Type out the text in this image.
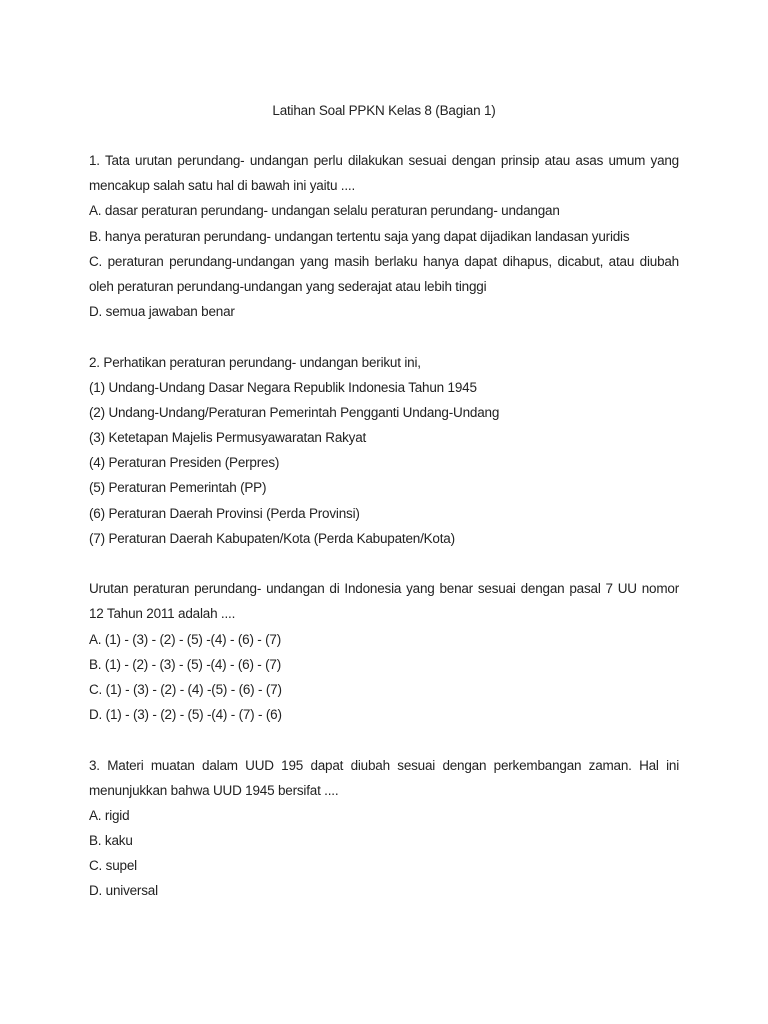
Latihan Soal PPKN Kelas 8 (Bagian 1)
1. Tata urutan perundang- undangan perlu dilakukan sesuai dengan prinsip atau asas umum yang
mencakup salah satu hal di bawah ini yaitu ....
A. dasar peraturan perundang- undangan selalu peraturan perundang- undangan
B. hanya peraturan perundang- undangan tertentu saja yang dapat dijadikan landasan yuridis
C. peraturan perundang-undangan yang masih berlaku hanya dapat dihapus, dicabut, atau diubah
oleh peraturan perundang-undangan yang sederajat atau lebih tinggi
D. semua jawaban benar
2. Perhatikan peraturan perundang- undangan berikut ini,
(1) Undang-Undang Dasar Negara Republik Indonesia Tahun 1945
(2) Undang-Undang/Peraturan Pemerintah Pengganti Undang-Undang
(3) Ketetapan Majelis Permusyawaratan Rakyat
(4) Peraturan Presiden (Perpres)
(5) Peraturan Pemerintah (PP)
(6) Peraturan Daerah Provinsi (Perda Provinsi)
(7) Peraturan Daerah Kabupaten/Kota (Perda Kabupaten/Kota)
Urutan peraturan perundang- undangan di Indonesia yang benar sesuai dengan pasal 7 UU nomor
12 Tahun 2011 adalah ....
A. (1) - (3) - (2) - (5) -(4) - (6) - (7)
B. (1) - (2) - (3) - (5) -(4) - (6) - (7)
C. (1) - (3) - (2) - (4) -(5) - (6) - (7)
D. (1) - (3) - (2) - (5) -(4) - (7) - (6)
3. Materi muatan dalam UUD 195 dapat diubah sesuai dengan perkembangan zaman. Hal ini
menunjukkan bahwa UUD 1945 bersifat ....
A. rigid
B. kaku
C. supel
D. universal
